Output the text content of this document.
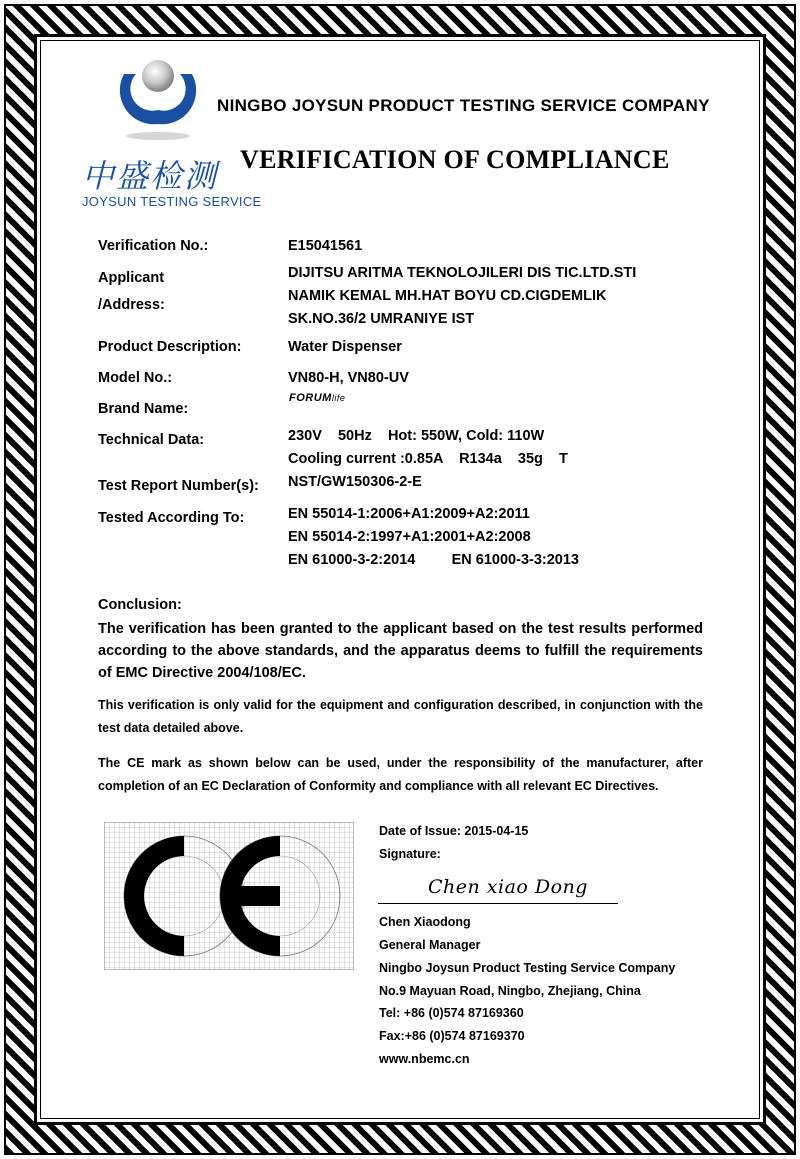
中盛检测
JOYSUN TESTING SERVICE
NINGBO JOYSUN PRODUCT TESTING SERVICE COMPANY
VERIFICATION OF COMPLIANCE
Verification No.:	E15041561
Applicant
/Address:
DIJITSU ARITMA TEKNOLOJILERI DIS TIC.LTD.STI
NAMIK KEMAL MH.HAT BOYU CD.CIGDEMLIK
SK.NO.36/2 UMRANIYE IST
Product Description:	Water Dispenser
Model No.:	VN80-H, VN80-UV
Brand Name:
FORUMlife
Technical Data:	230V    50Hz    Hot: 550W, Cold: 110W
Cooling current :0.85A    R134a    35g    T
Test Report Number(s): NST/GW150306-2-E
Tested According To:	EN 55014-1:2006+A1:2009+A2:2011
EN 55014-2:1997+A1:2001+A2:2008
EN 61000-3-2:2014         EN 61000-3-3:2013
Conclusion:
The verification has been granted to the applicant based on the test results performed according to the above standards, and the apparatus deems to fulfill the requirements of EMC Directive 2004/108/EC.
This verification is only valid for the equipment and configuration described, in conjunction with the test data detailed above.
The CE mark as shown below can be used, under the responsibility of the manufacturer, after completion of an EC Declaration of Conformity and compliance with all relevant EC Directives.
Date of Issue: 2015-04-15
Signature:
Chen xiao Dong
Chen Xiaodong
General Manager
Ningbo Joysun Product Testing Service Company
No.9 Mayuan Road, Ningbo, Zhejiang, China
Tel: +86 (0)574 87169360
Fax:+86 (0)574 87169370
www.nbemc.cn
